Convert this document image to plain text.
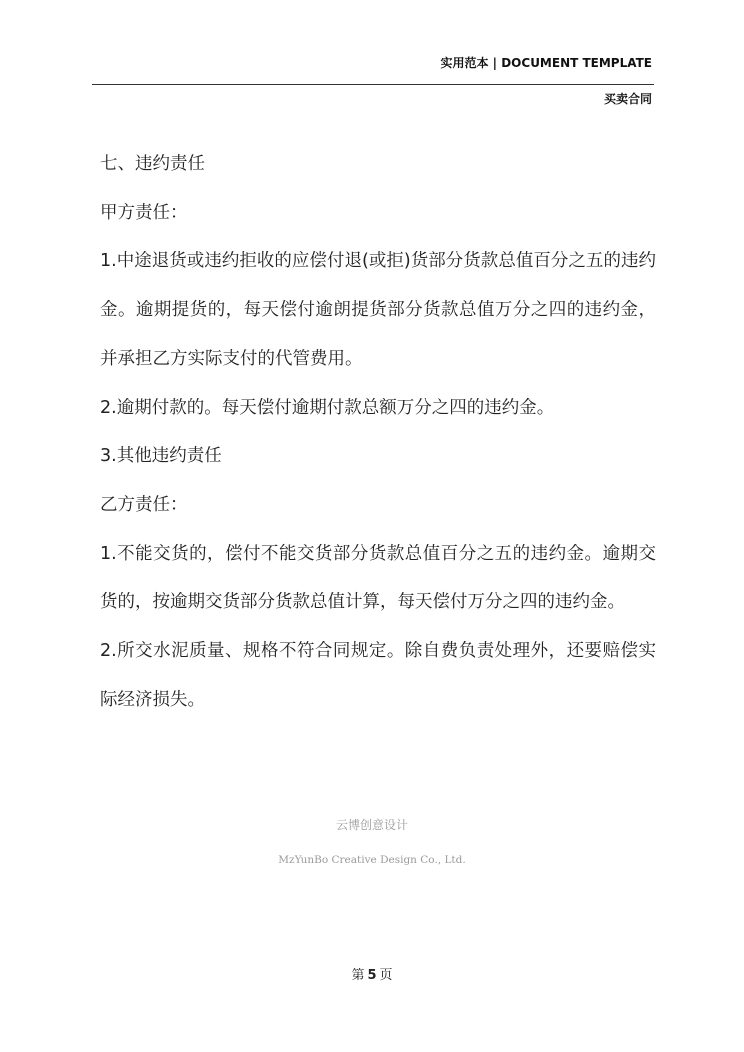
实用范本 | DOCUMENT TEMPLATE
买卖合同

七、违约责任

甲方责任：

1.中途退货或违约拒收的应偿付退(或拒)货部分货款总值百分之五的违约金。逾期提货的，每天偿付逾朗提货部分货款总值万分之四的违约金，并承担乙方实际支付的代管费用。

2.逾期付款的。每天偿付逾期付款总额万分之四的违约金。

3.其他违约责任

乙方责任：

1.不能交货的，偿付不能交货部分货款总值百分之五的违约金。逾期交货的，按逾期交货部分货款总值计算，每天偿付万分之四的违约金。

2.所交水泥质量、规格不符合同规定。除自费负责处理外，还要赔偿实际经济损失。

云博创意设计
MzYunBo Creative Design Co., Ltd.
第 5 页
